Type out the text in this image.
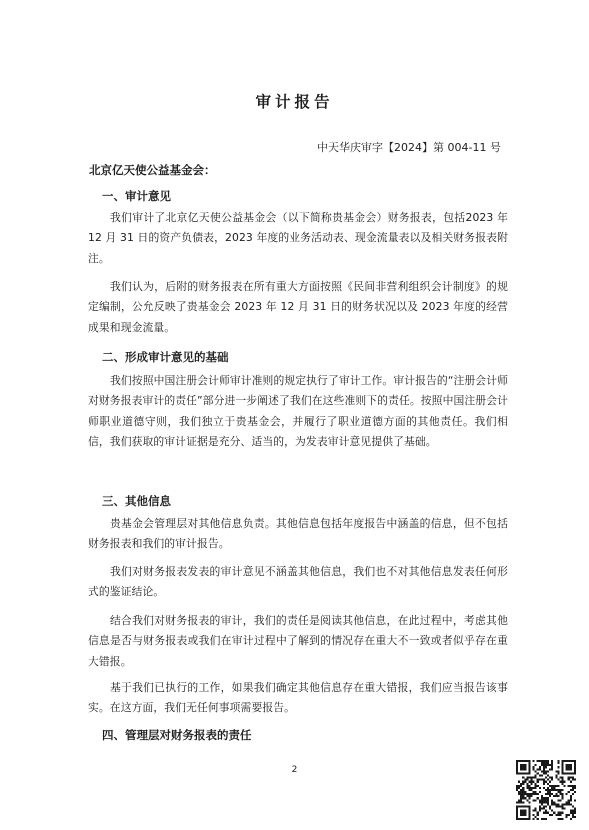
审计报告
中天华庆审字【2024】第 004-11 号
北京亿天使公益基金会：
一、审计意见

我们审计了北京亿天使公益基金会（以下简称贵基金会）财务报表，包括2023 年 12 月 31 日的资产负债表，2023 年度的业务活动表、现金流量表以及相关财务报表附注。

我们认为，后附的财务报表在所有重大方面按照《民间非营利组织会计制度》的规定编制，公允反映了贵基金会 2023 年 12 月 31 日的财务状况以及 2023 年度的经营成果和现金流量。

二、形成审计意见的基础

我们按照中国注册会计师审计准则的规定执行了审计工作。审计报告的“注册会计师对财务报表审计的责任”部分进一步阐述了我们在这些准则下的责任。按照中国注册会计师职业道德守则，我们独立于贵基金会，并履行了职业道德方面的其他责任。我们相信，我们获取的审计证据是充分、适当的，为发表审计意见提供了基础。

三、其他信息

贵基金会管理层对其他信息负责。其他信息包括年度报告中涵盖的信息，但不包括财务报表和我们的审计报告。

我们对财务报表发表的审计意见不涵盖其他信息，我们也不对其他信息发表任何形式的鉴证结论。

结合我们对财务报表的审计，我们的责任是阅读其他信息，在此过程中，考虑其他信息是否与财务报表或我们在审计过程中了解到的情况存在重大不一致或者似乎存在重大错报。

基于我们已执行的工作，如果我们确定其他信息存在重大错报，我们应当报告该事实。在这方面，我们无任何事项需要报告。

四、管理层对财务报表的责任
2
